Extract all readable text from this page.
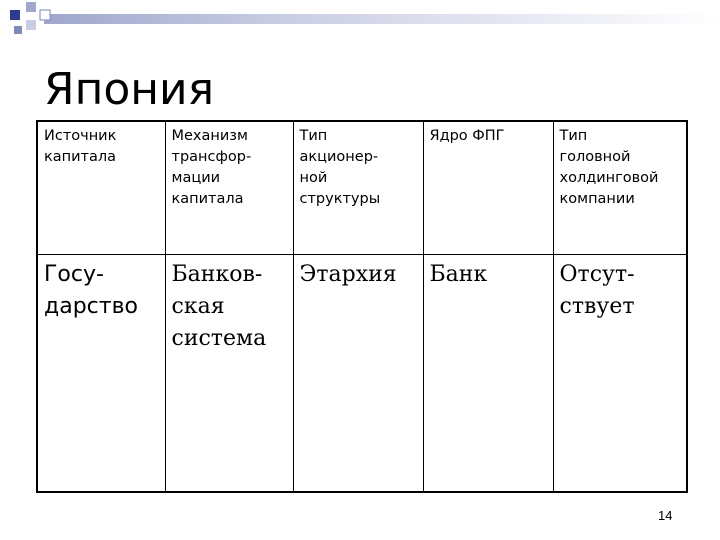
Япония
Источник
капитала	Механизм
трансфор-
мации
капитала	Тип
акционер-
ной
структуры	Ядро ФПГ	Тип
головной
холдинговой
компании

Госу-
дарство	Банков-
ская
система	Этархия	Банк	Отсут-
ствует
14
